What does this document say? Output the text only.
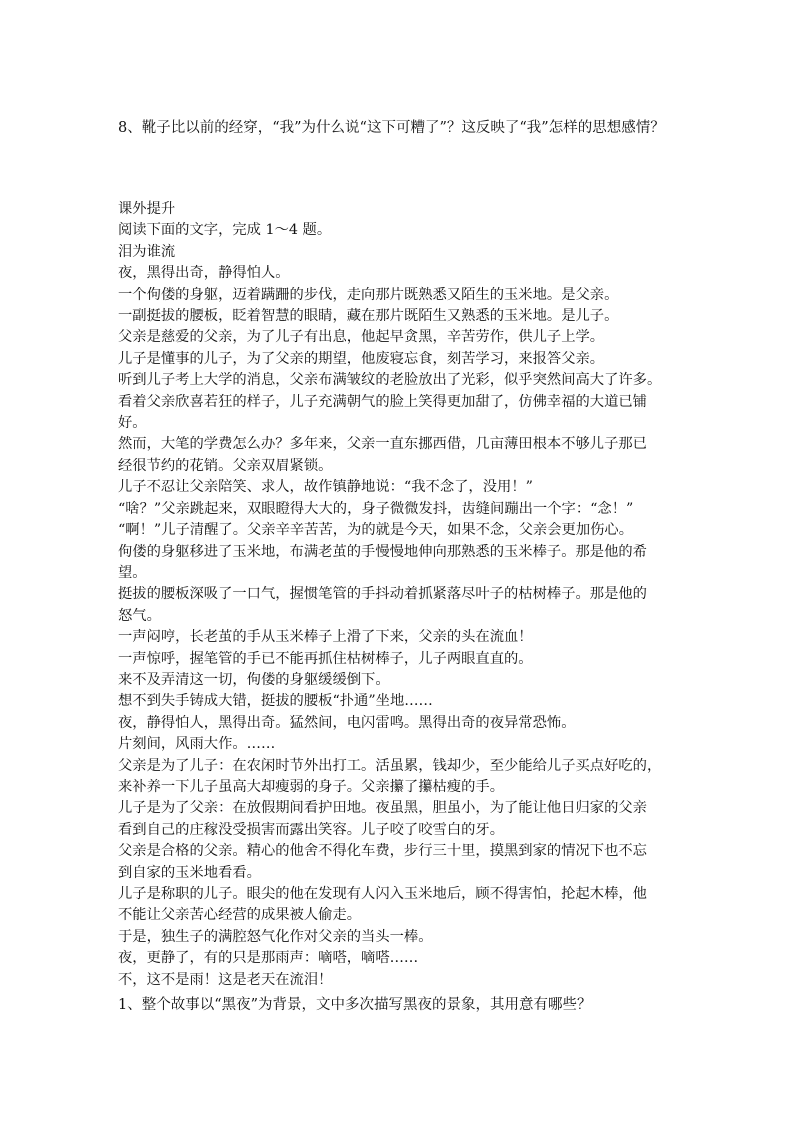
8、靴子比以前的经穿，“我”为什么说“这下可糟了”？这反映了“我”怎样的思想感情？
课外提升
阅读下面的文字，完成 1～4 题。
泪为谁流
夜，黑得出奇，静得怕人。
一个佝偻的身躯，迈着蹒跚的步伐，走向那片既熟悉又陌生的玉米地。是父亲。
一副挺拔的腰板，眨着智慧的眼睛，藏在那片既陌生又熟悉的玉米地。是儿子。
父亲是慈爱的父亲，为了儿子有出息，他起早贪黑，辛苦劳作，供儿子上学。
儿子是懂事的儿子，为了父亲的期望，他废寝忘食，刻苦学习，来报答父亲。
听到儿子考上大学的消息，父亲布满皱纹的老脸放出了光彩，似乎突然间高大了许多。
看着父亲欣喜若狂的样子，儿子充满朝气的脸上笑得更加甜了，仿佛幸福的大道已铺
好。
然而，大笔的学费怎么办？多年来，父亲一直东挪西借，几亩薄田根本不够儿子那已
经很节约的花销。父亲双眉紧锁。
儿子不忍让父亲陪笑、求人，故作镇静地说：“我不念了，没用！”
“啥？”父亲跳起来，双眼瞪得大大的，身子微微发抖，齿缝间蹦出一个字：“念！”
“啊！”儿子清醒了。父亲辛辛苦苦，为的就是今天，如果不念，父亲会更加伤心。
佝偻的身躯移进了玉米地，布满老茧的手慢慢地伸向那熟悉的玉米棒子。那是他的希
望。
挺拔的腰板深吸了一口气，握惯笔管的手抖动着抓紧落尽叶子的枯树棒子。那是他的
怒气。
一声闷哼，长老茧的手从玉米棒子上滑了下来，父亲的头在流血！
一声惊呼，握笔管的手已不能再抓住枯树棒子，儿子两眼直直的。
来不及弄清这一切，佝偻的身躯缓缓倒下。
想不到失手铸成大错，挺拔的腰板“扑通”坐地……
夜，静得怕人，黑得出奇。猛然间，电闪雷鸣。黑得出奇的夜异常恐怖。
片刻间，风雨大作。……
父亲是为了儿子：在农闲时节外出打工。活虽累，钱却少，至少能给儿子买点好吃的，
来补养一下儿子虽高大却瘦弱的身子。父亲攥了攥枯瘦的手。
儿子是为了父亲：在放假期间看护田地。夜虽黑，胆虽小，为了能让他日归家的父亲
看到自己的庄稼没受损害而露出笑容。儿子咬了咬雪白的牙。
父亲是合格的父亲。精心的他舍不得化车费，步行三十里，摸黑到家的情况下也不忘
到自家的玉米地看看。
儿子是称职的儿子。眼尖的他在发现有人闪入玉米地后，顾不得害怕，抡起木棒，他
不能让父亲苦心经营的成果被人偷走。
于是，独生子的满腔怒气化作对父亲的当头一棒。
夜，更静了，有的只是那雨声：嘀嗒，嘀嗒……
不，这不是雨！这是老天在流泪！
1、整个故事以“黑夜”为背景，文中多次描写黑夜的景象，其用意有哪些？
